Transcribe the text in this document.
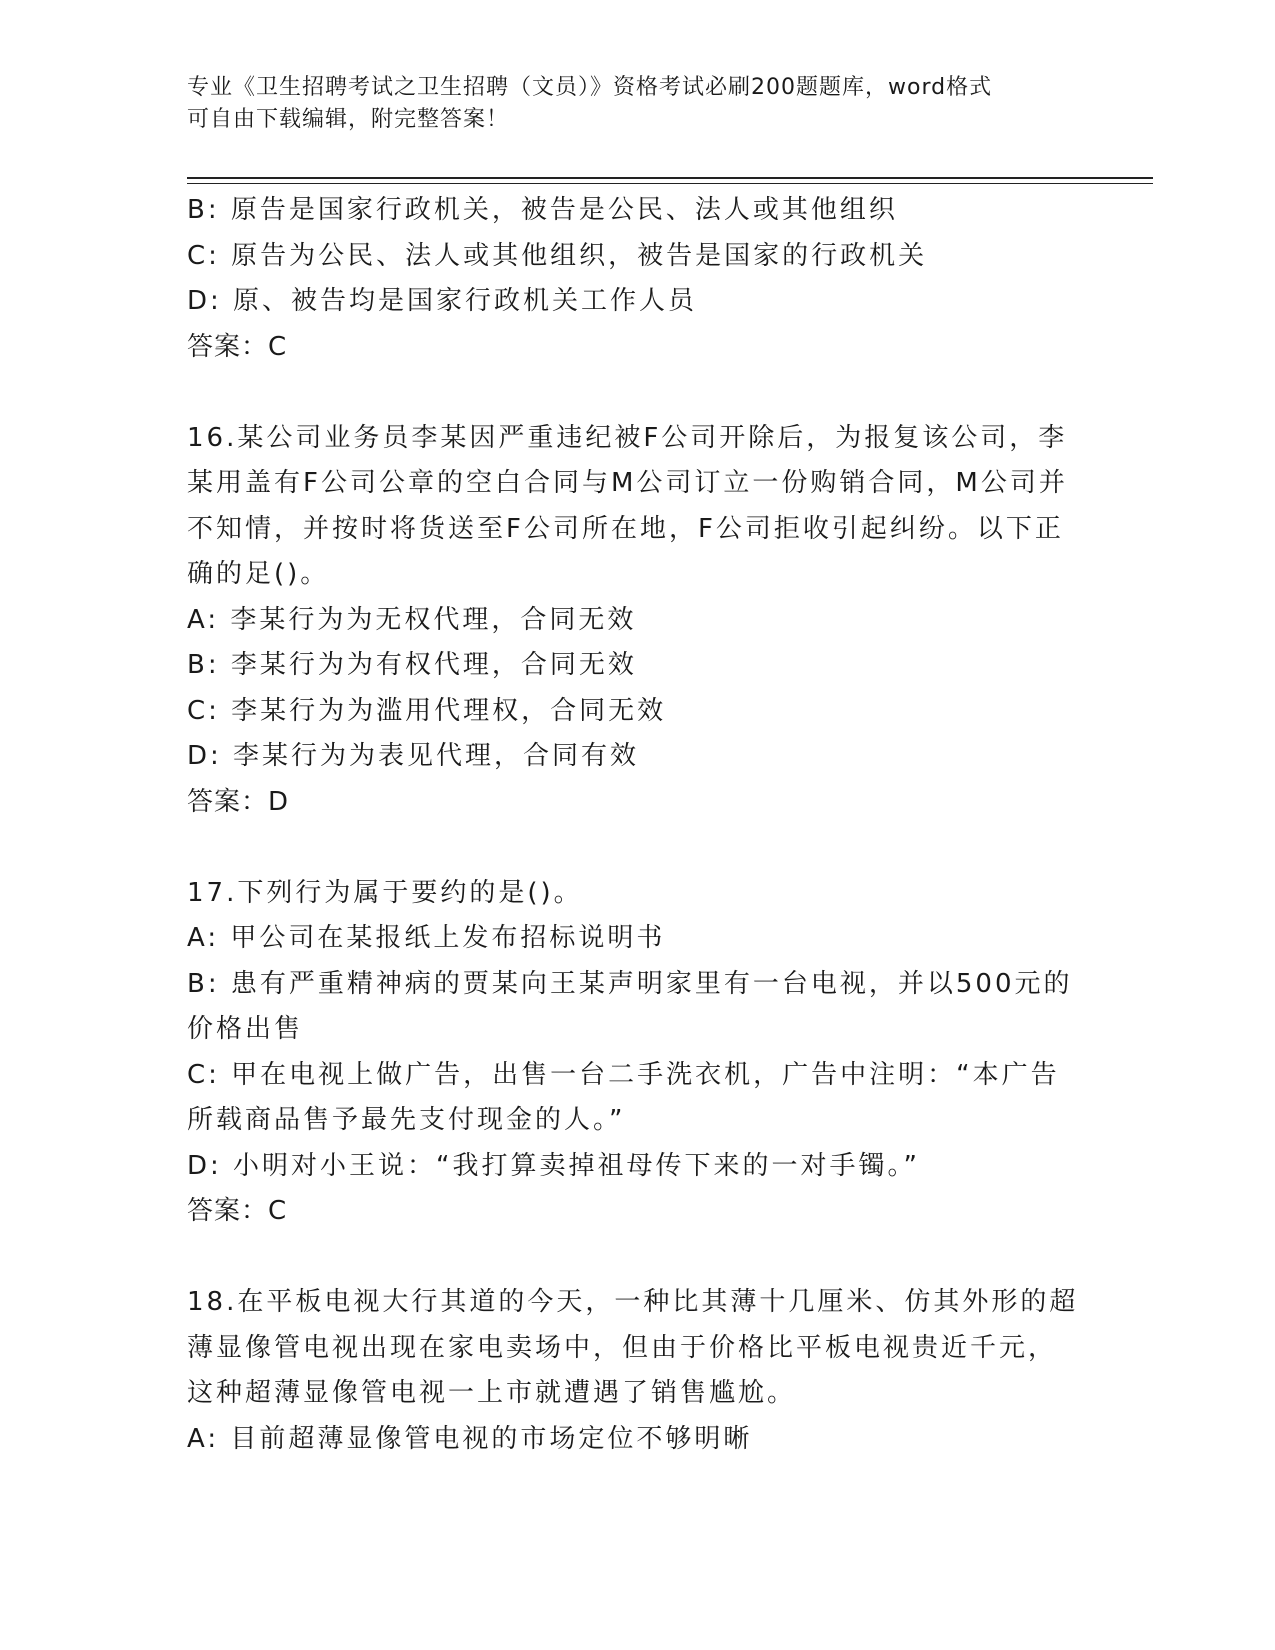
专业《卫生招聘考试之卫生招聘（文员）》资格考试必刷200题题库，word格式
可自由下载编辑，附完整答案！
B: 原告是国家行政机关，被告是公民、法人或其他组织
C: 原告为公民、法人或其他组织，被告是国家的行政机关
D: 原、被告均是国家行政机关工作人员
答案：C
16.某公司业务员李某因严重违纪被F公司开除后，为报复该公司，李
某用盖有F公司公章的空白合同与M公司订立一份购销合同，M公司并
不知情，并按时将货送至F公司所在地，F公司拒收引起纠纷。以下正
确的足()。
A: 李某行为为无权代理，合同无效
B: 李某行为为有权代理，合同无效
C: 李某行为为滥用代理权，合同无效
D: 李某行为为表见代理，合同有效
答案：D
17.下列行为属于要约的是()。
A: 甲公司在某报纸上发布招标说明书
B: 患有严重精神病的贾某向王某声明家里有一台电视，并以500元的
价格出售
C: 甲在电视上做广告，出售一台二手洗衣机，广告中注明：“本广告
所载商品售予最先支付现金的人。”
D: 小明对小王说：“我打算卖掉祖母传下来的一对手镯。”
答案：C
18.在平板电视大行其道的今天，一种比其薄十几厘米、仿其外形的超
薄显像管电视出现在家电卖场中，但由于价格比平板电视贵近千元，
这种超薄显像管电视一上市就遭遇了销售尴尬。
A: 目前超薄显像管电视的市场定位不够明晰
